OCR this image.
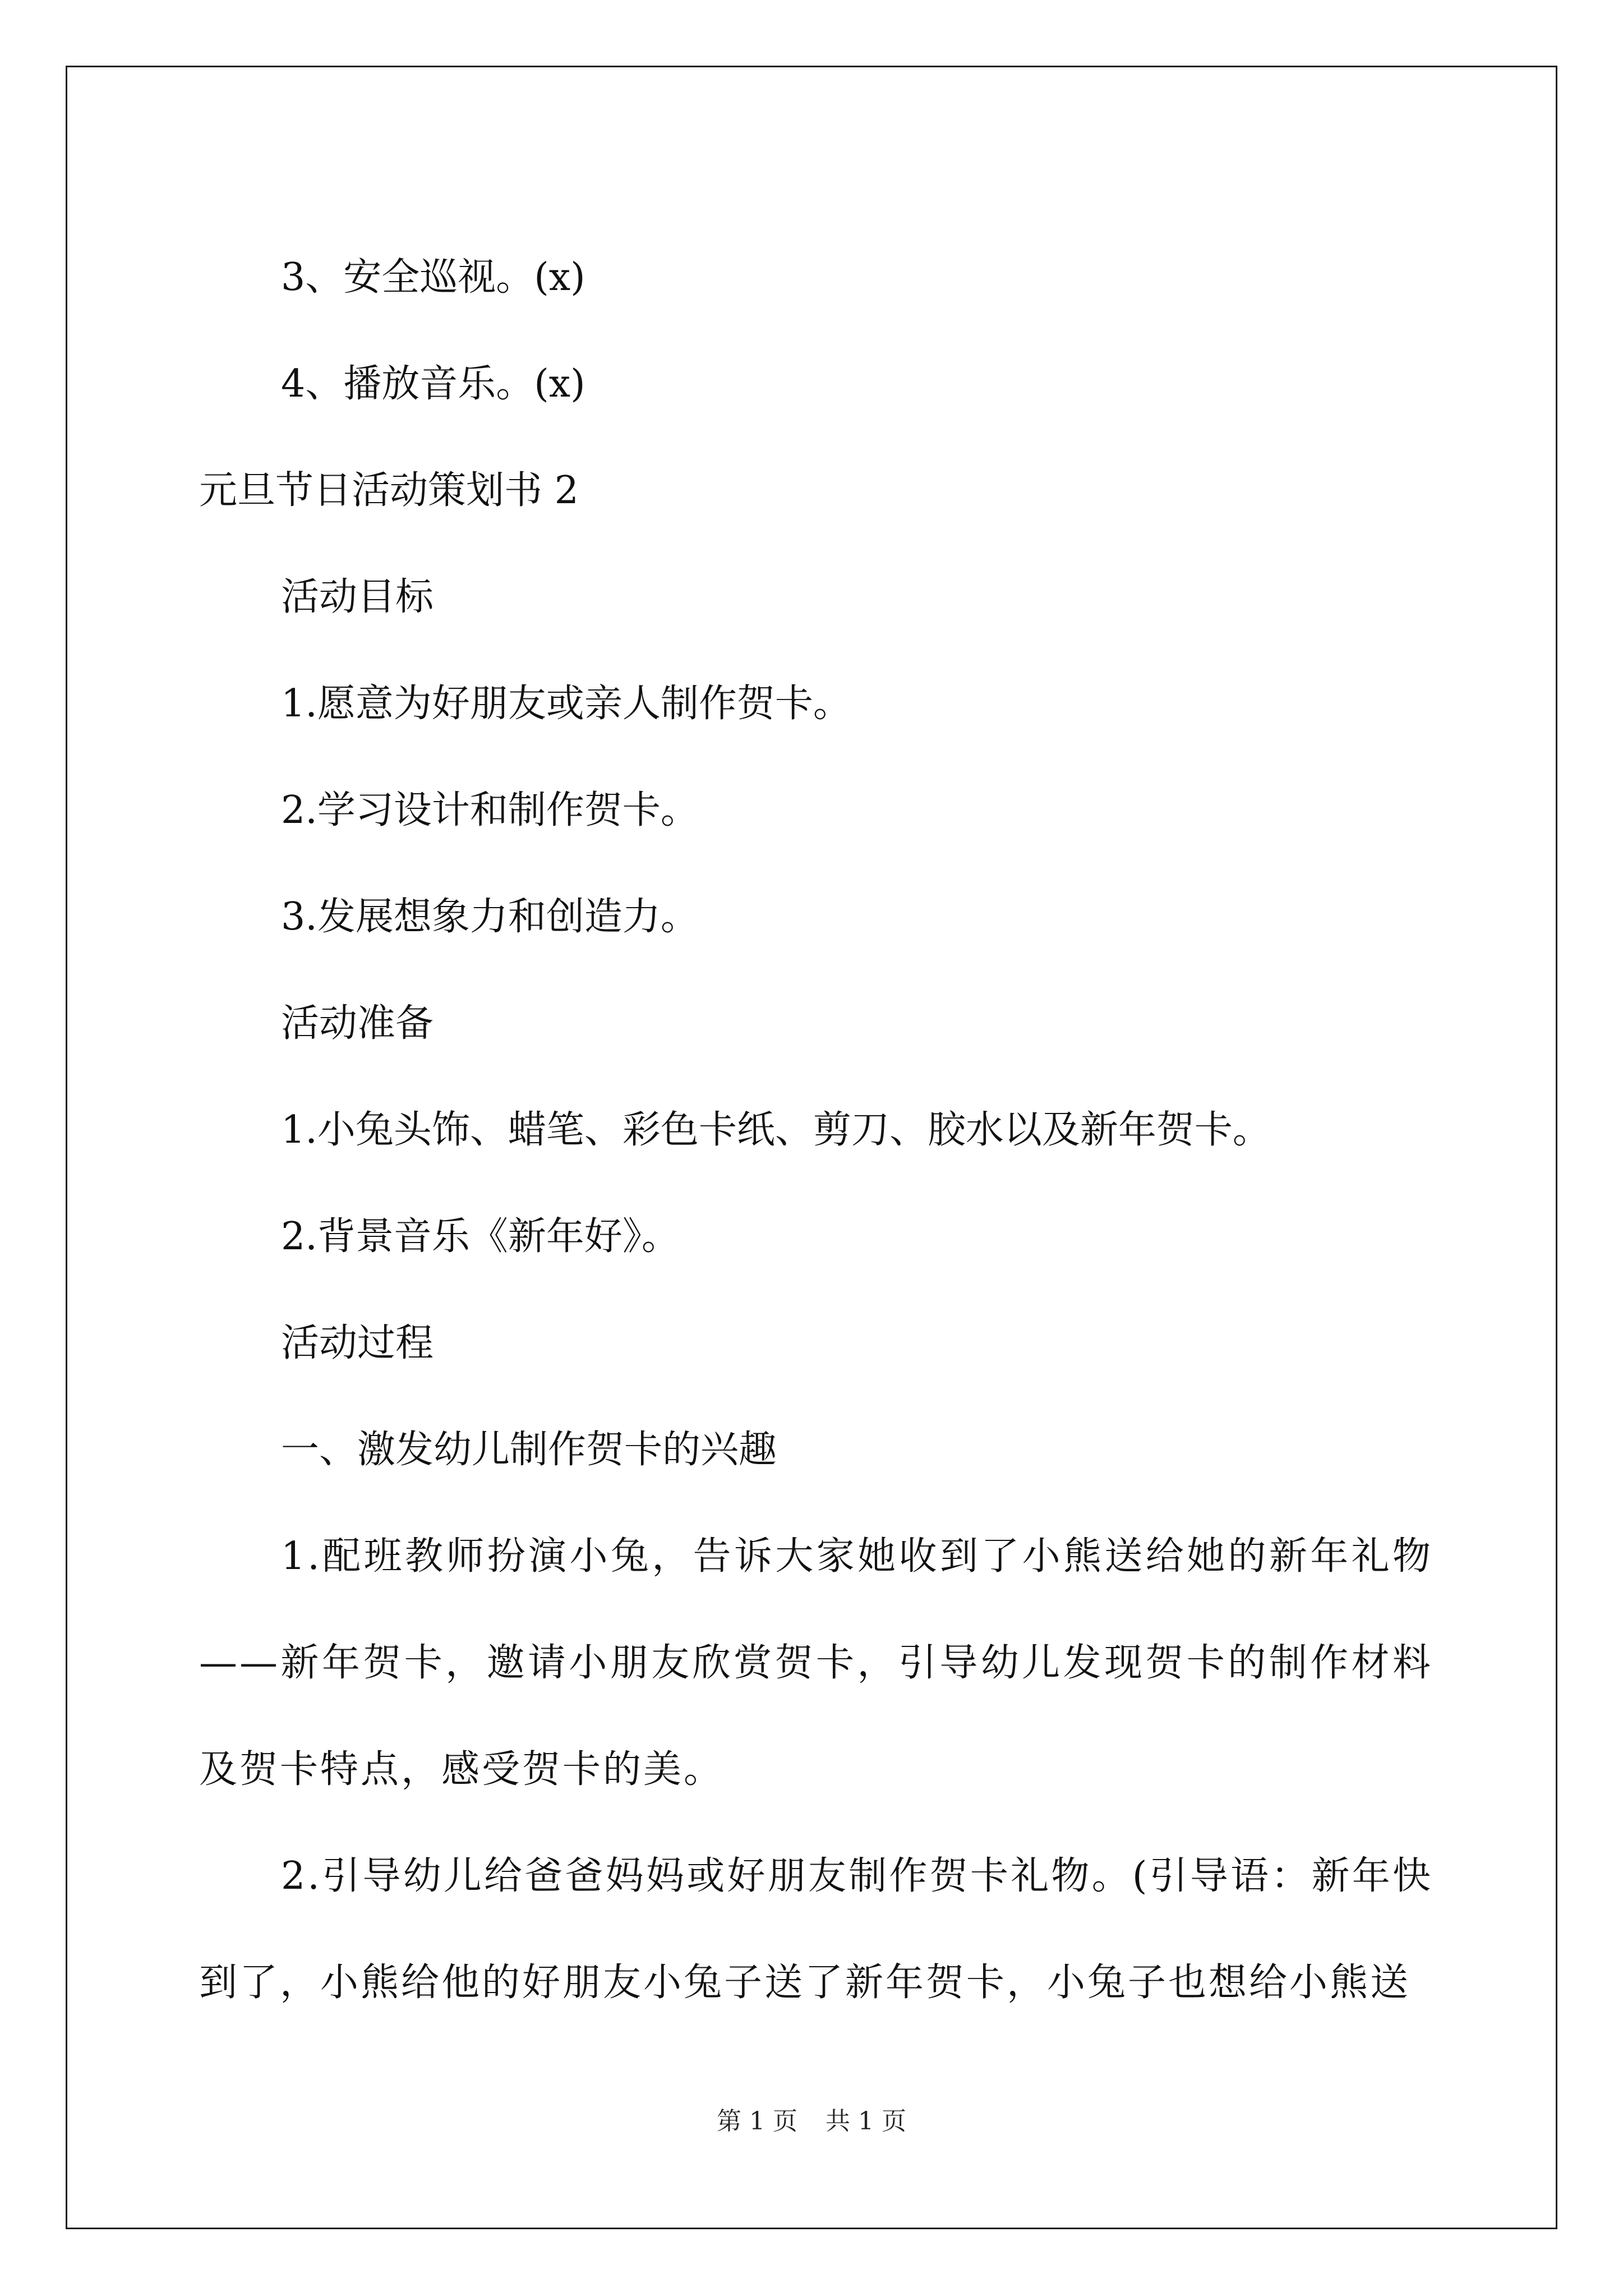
3、安全巡视。(x)

4、播放音乐。(x)

元旦节日活动策划书 2

活动目标

1.愿意为好朋友或亲人制作贺卡。

2.学习设计和制作贺卡。

3.发展想象力和创造力。

活动准备

1.小兔头饰、蜡笔、彩色卡纸、剪刀、胶水以及新年贺卡。

2.背景音乐《新年好》。

活动过程

一、激发幼儿制作贺卡的兴趣

1.配班教师扮演小兔，告诉大家她收到了小熊送给她的新年礼物——新年贺卡，邀请小朋友欣赏贺卡，引导幼儿发现贺卡的制作材料及贺卡特点，感受贺卡的美。

2.引导幼儿给爸爸妈妈或好朋友制作贺卡礼物。(引导语：新年快到了，小熊给他的好朋友小兔子送了新年贺卡，小兔子也想给小熊送

第 1 页 共 1 页
